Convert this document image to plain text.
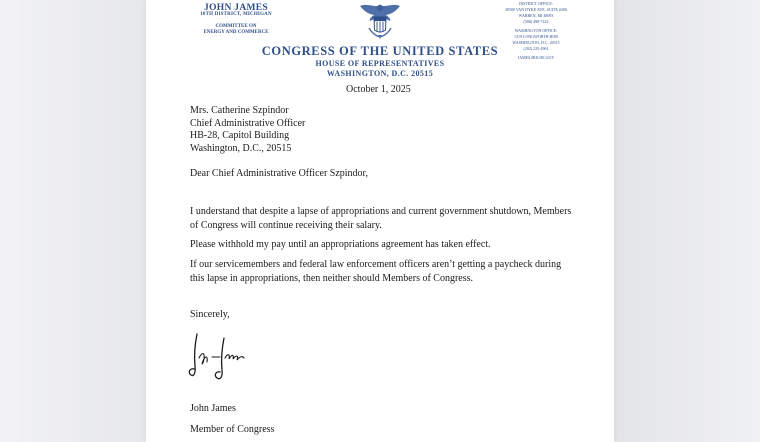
JOHN JAMES
10TH DISTRICT, MICHIGAN
COMMITTEE ON
ENERGY AND COMMERCE
DISTRICT OFFICE:
30500 VAN DYKE AVE, SUITE #306
WARREN, MI 48093
(586) 498-7122
WASHINGTON OFFICE:
1319 LONGWORTH HOB
WASHINGTON, D.C. 20515
(202) 225-4961
JAMES.HOUSE.GOV
CONGRESS OF THE UNITED STATES
HOUSE OF REPRESENTATIVES
WASHINGTON, D.C. 20515
October 1, 2025
Mrs. Catherine Szpindor
Chief Administrative Officer
HB-28, Capitol Building
Washington, D.C., 20515
Dear Chief Administrative Officer Szpindor,
I understand that despite a lapse of appropriations and current government shutdown, Members of Congress will continue receiving their salary.
Please withhold my pay until an appropriations agreement has taken effect.
If our servicemembers and federal law enforcement officers aren’t getting a paycheck during this lapse in appropriations, then neither should Members of Congress.
Sincerely,
John James
Member of Congress
